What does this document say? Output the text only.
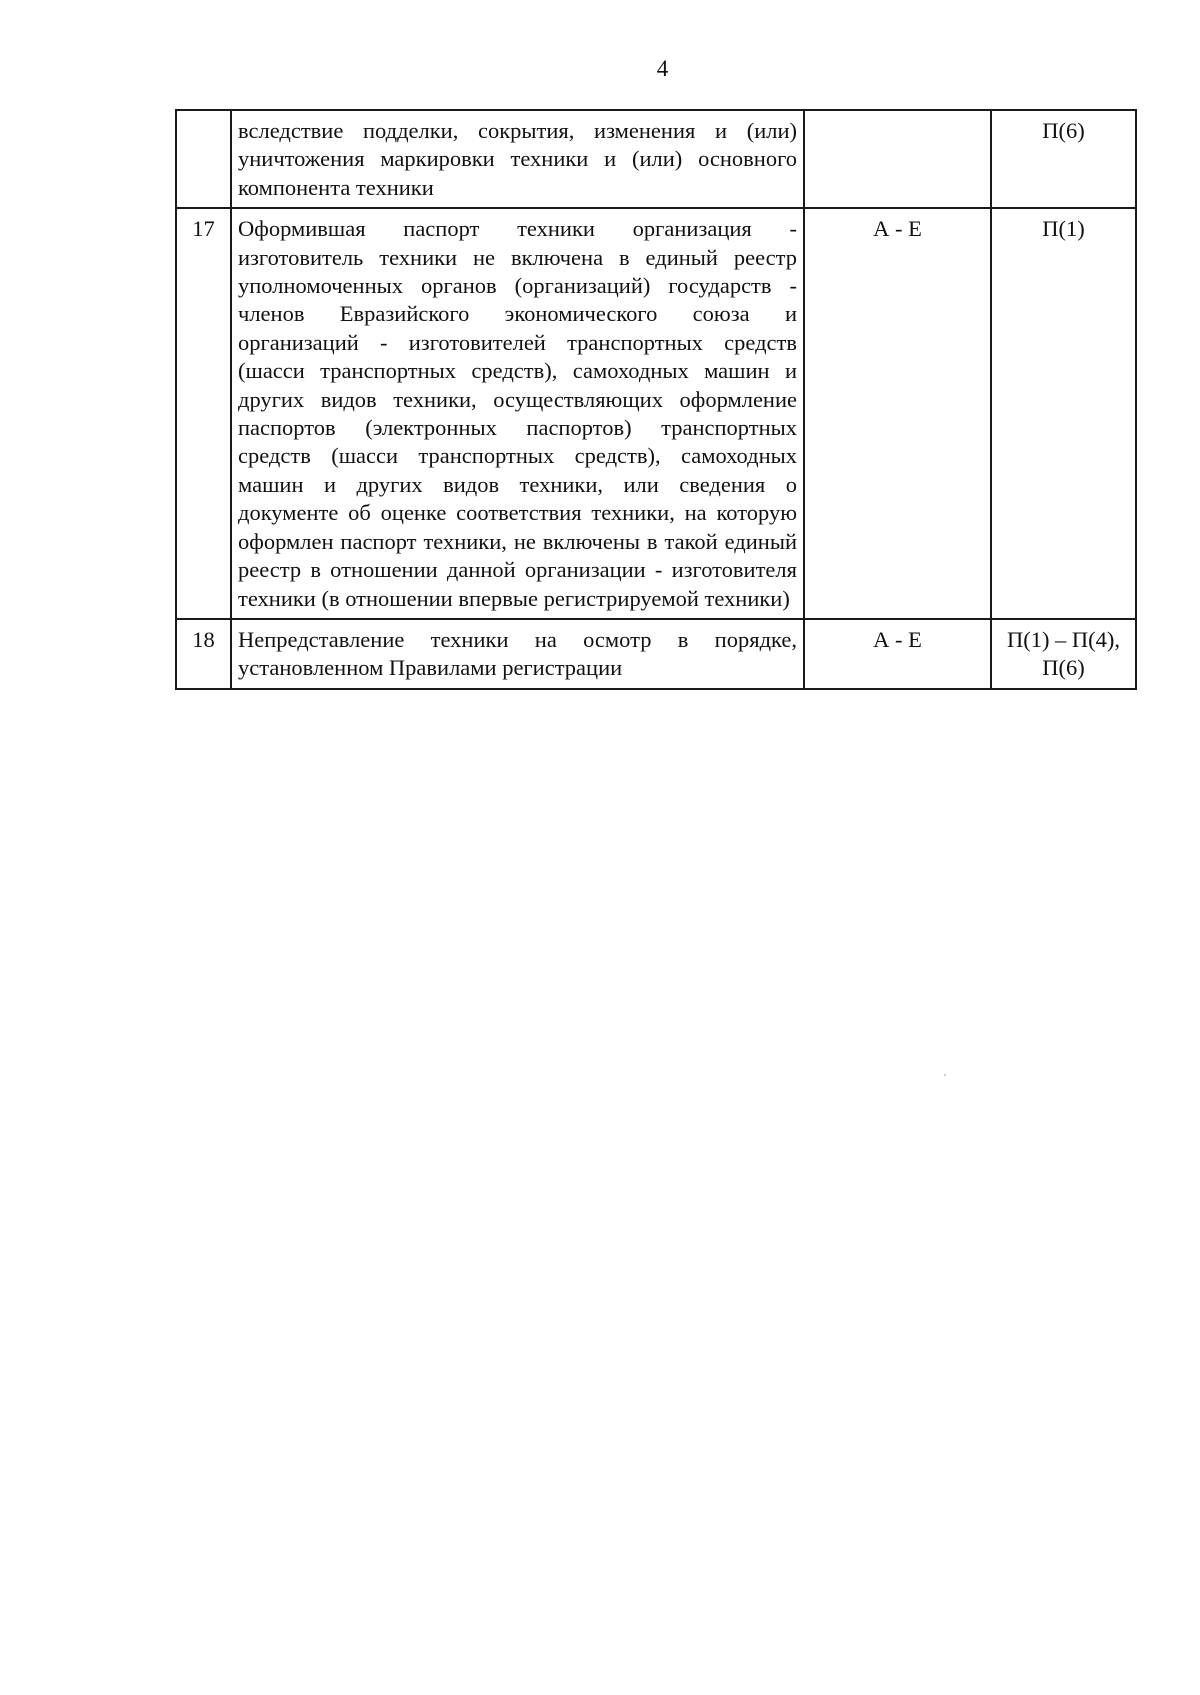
4
	вследствие подделки, сокрытия, изменения и (или) уничтожения маркировки техники и (или) основного компонента техники		П(6)
17	Оформившая паспорт техники организация - изготовитель техники не включена в единый реестр уполномоченных органов (организаций) государств - членов Евразийского экономического союза и организаций - изготовителей транспортных средств (шасси транспортных средств), самоходных машин и других видов техники, осуществляющих оформление паспортов (электронных паспортов) транспортных средств (шасси транспортных средств), самоходных машин и других видов техники, или сведения о документе об оценке соответствия техники, на которую оформлен паспорт техники, не включены в такой единый реестр в отношении данной организации - изготовителя техники (в отношении впервые регистрируемой техники)	А - Е	П(1)
18	Непредставление техники на осмотр в порядке, установленном Правилами регистрации	А - Е	П(1) – П(4),
П(6)
